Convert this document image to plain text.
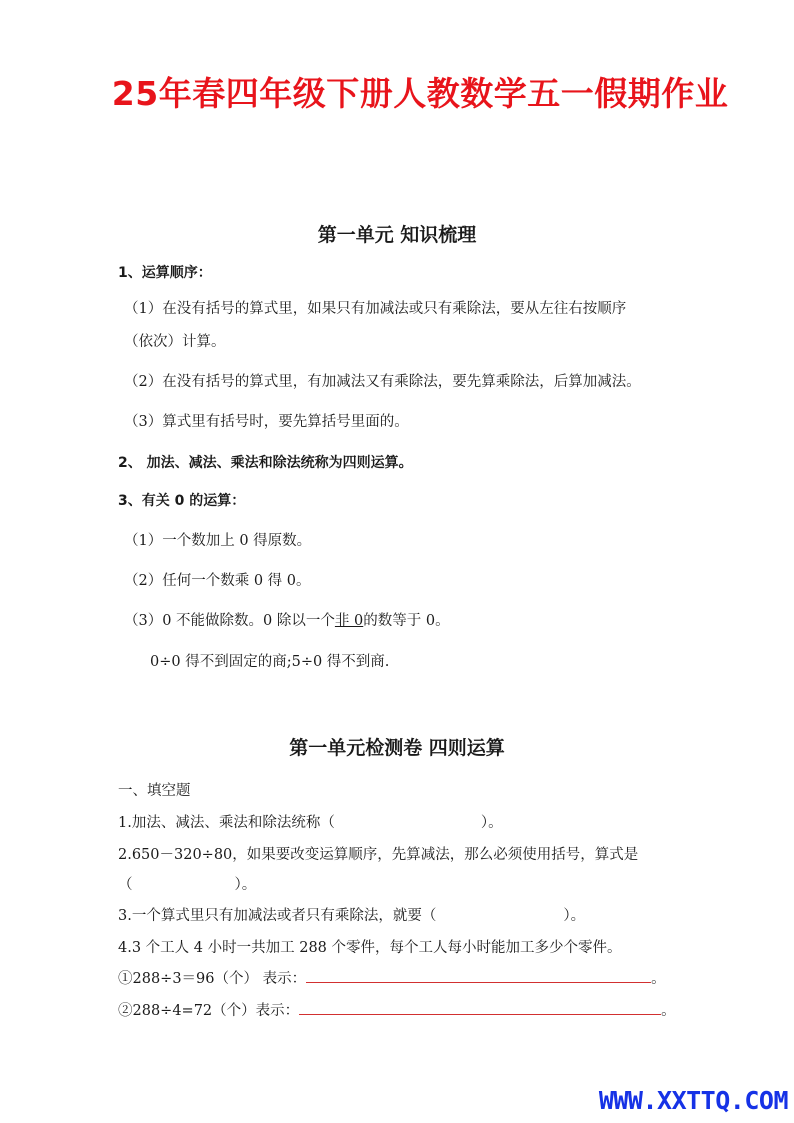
25年春四年级下册人教数学五一假期作业
第一单元 知识梳理
1、运算顺序：
（1）在没有括号的算式里，如果只有加减法或只有乘除法，要从左往右按顺序
（依次）计算。
（2）在没有括号的算式里，有加减法又有乘除法，要先算乘除法，后算加减法。
（3）算式里有括号时，要先算括号里面的。
2、 加法、减法、乘法和除法统称为四则运算。
3、有关 0 的运算：
（1）一个数加上 0 得原数。
（2）任何一个数乘 0 得 0。
（3）0 不能做除数。0 除以一个非 0的数等于 0。
0÷0 得不到固定的商;5÷0 得不到商.
第一单元检测卷 四则运算
一、填空题
1.加法、减法、乘法和除法统称（	）。
2.650－320÷80，如果要改变运算顺序，先算减法，那么必须使用括号，算式是
（	）。
3.一个算式里只有加减法或者只有乘除法，就要（	）。
4.3 个工人 4 小时一共加工 288 个零件，每个工人每小时能加工多少个零件。
①288÷3＝96（个） 表示：	。
②288÷4=72（个）表示：	。
WWW.XXTTQ.COM
